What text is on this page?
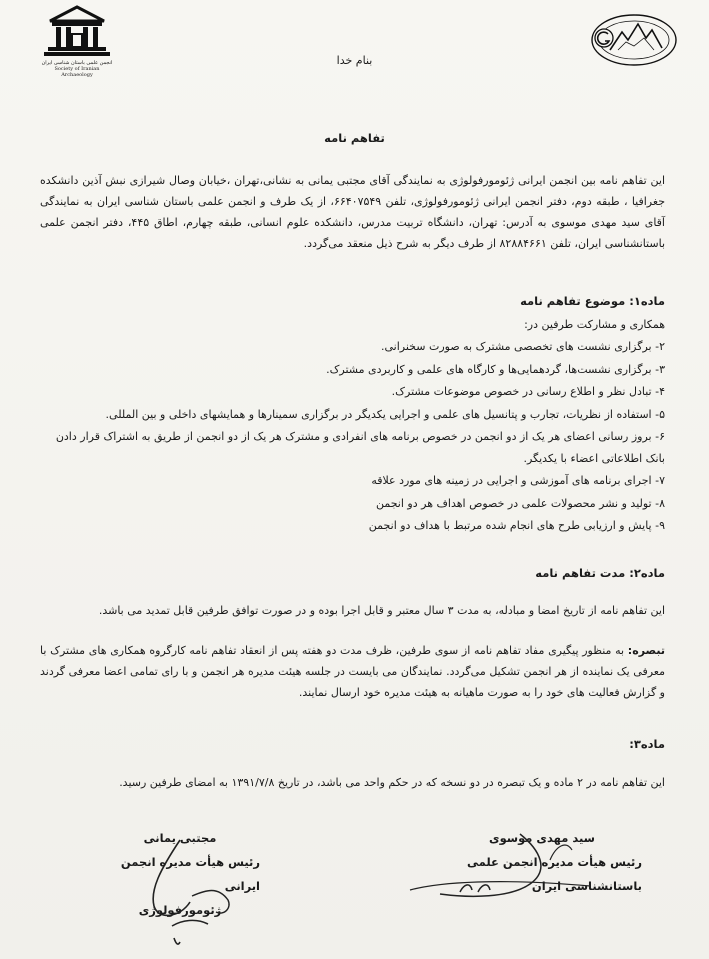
انجمن علمی باستان شناسی ایران
Society of Iranian Archaeology
بنام خدا
تفاهم نامه
این تفاهم نامه بین انجمن ایرانی ژئومورفولوژی به نمایندگی آقای مجتبی یمانی به نشانی،تهران ،خیابان وصال شیرازی نبش آذین دانشکده جغرافیا ، طبقه دوم، دفتر انجمن ایرانی ژئومورفولوژی، تلفن ۶۶۴۰۷۵۴۹، از یک طرف و انجمن علمی باستان شناسی ایران به نمایندگی آقای سید مهدی موسوی به آدرس: تهران، دانشگاه تربیت مدرس، دانشکده علوم انسانی، طبقه چهارم، اطاق ۴۴۵، دفتر انجمن علمی باستانشناسی ایران، تلفن ۸۲۸۸۴۶۶۱ از طرف دیگر به شرح ذیل منعقد می‌گردد.
ماده۱: موضوع تفاهم نامه
همکاری و مشارکت طرفین در:
۲- برگزاری نشست های تخصصی مشترک به صورت سخنرانی.
۳- برگزاری نشست‌ها، گردهمایی‌ها و کارگاه های علمی و کاربردی مشترک.
۴- تبادل نظر و اطلاع رسانی در خصوص موضوعات مشترک.
۵- استفاده از نظریات، تجارب و پتانسیل های علمی و اجرایی یکدیگر در برگزاری سمینارها و همایشهای داخلی و بین المللی.
۶- بروز رسانی اعضای هر یک از دو انجمن در خصوص برنامه های انفرادی و مشترک هر یک از دو انجمن از طریق به اشتراک قرار دادن بانک اطلاعاتی اعضاء با یکدیگر.
۷- اجرای برنامه های آموزشی و اجرایی در زمینه های مورد علاقه
۸- تولید و نشر محصولات علمی در خصوص اهداف هر دو انجمن
۹- پایش و ارزیابی طرح های انجام شده مرتبط با هداف دو انجمن
ماده۲: مدت تفاهم نامه
این تفاهم نامه از تاریخ امضا و مبادله، به مدت ۳ سال معتبر و قابل اجرا بوده و در صورت توافق طرفین قابل تمدید می باشد.
تبصره: به منظور پیگیری مفاد تفاهم نامه از سوی طرفین، ظرف مدت دو هفته پس از انعقاد تفاهم نامه کارگروه همکاری های مشترک با معرفی یک نماینده از هر انجمن تشکیل می‌گردد. نمایندگان می بایست در جلسه هیئت مدیره هر انجمن و با رای تمامی اعضا معرفی گردند و گزارش فعالیت های خود را به صورت ماهیانه به هیئت مدیره خود ارسال نمایند.
ماده۳:
این تفاهم نامه در ۲ ماده و یک تبصره در دو نسخه که در حکم واحد می باشد، در تاریخ ۱۳۹۱/۷/۸ به امضای طرفین رسید.
مجتبی یمانی
رئیس هیأت مدیره انجمن ایرانی
ژئومورفولوژی
سید مهدی موسوی
رئیس هیأت مدیره انجمن علمی
باستانشناسی ایران
